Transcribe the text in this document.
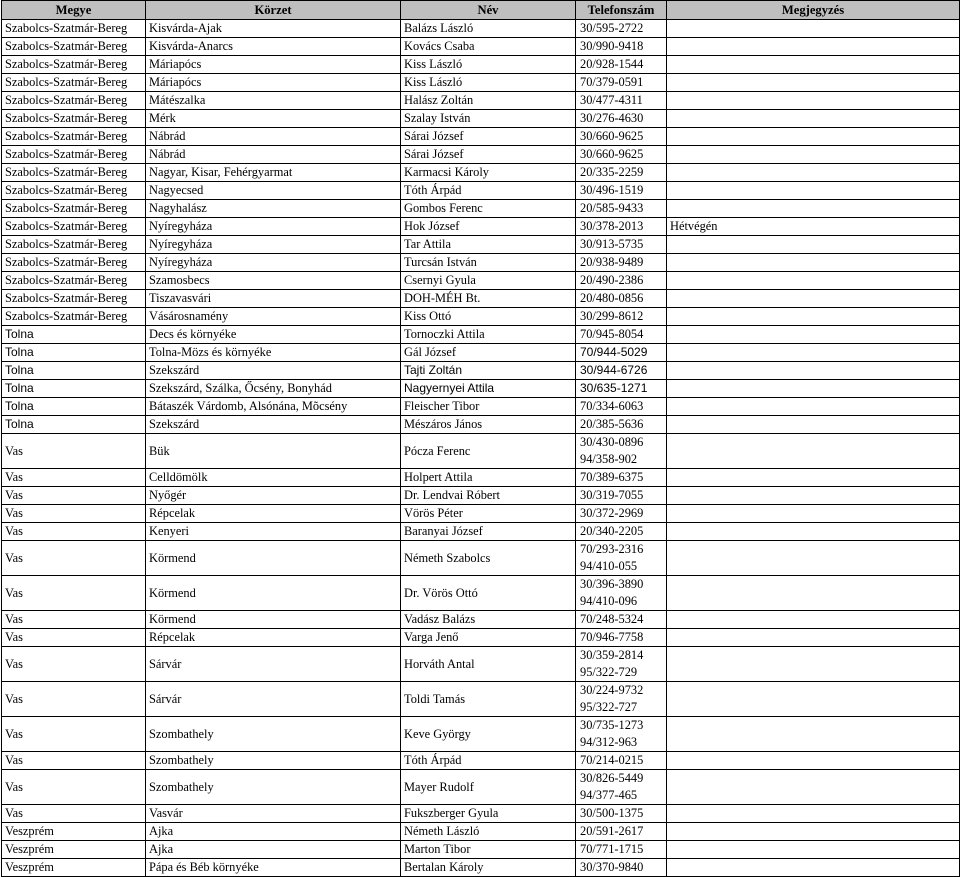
Megye	Körzet	Név	Telefonszám	Megjegyzés
Szabolcs-Szatmár-Bereg	Kisvárda-Ajak	Balázs László	30/595-2722	

Szabolcs-Szatmár-Bereg	Kisvárda-Anarcs	Kovács Csaba	30/990-9418	

Szabolcs-Szatmár-Bereg	Máriapócs	Kiss László	20/928-1544	

Szabolcs-Szatmár-Bereg	Máriapócs	Kiss László	70/379-0591	

Szabolcs-Szatmár-Bereg	Mátészalka	Halász Zoltán	30/477-4311	

Szabolcs-Szatmár-Bereg	Mérk	Szalay István	30/276-4630	

Szabolcs-Szatmár-Bereg	Nábrád	Sárai József	30/660-9625	

Szabolcs-Szatmár-Bereg	Nábrád	Sárai József	30/660-9625	

Szabolcs-Szatmár-Bereg	Nagyar, Kisar, Fehérgyarmat	Karmacsi Károly	20/335-2259	

Szabolcs-Szatmár-Bereg	Nagyecsed	Tóth Árpád	30/496-1519	

Szabolcs-Szatmár-Bereg	Nagyhalász	Gombos Ferenc	20/585-9433	

Szabolcs-Szatmár-Bereg	Nyíregyháza	Hok József	30/378-2013	Hétvégén
Szabolcs-Szatmár-Bereg	Nyíregyháza	Tar Attila	30/913-5735	

Szabolcs-Szatmár-Bereg	Nyíregyháza	Turcsán István	20/938-9489	

Szabolcs-Szatmár-Bereg	Szamosbecs	Csernyi Gyula	20/490-2386	

Szabolcs-Szatmár-Bereg	Tiszavasvári	DOH-MÉH Bt.	20/480-0856	

Szabolcs-Szatmár-Bereg	Vásárosnamény	Kiss Ottó	30/299-8612	

Tolna	Decs és környéke	Tornoczki Attila	70/945-8054	

Tolna	Tolna-Mözs és környéke	Gál József	70/944-5029	

Tolna	Szekszárd	Tajti Zoltán	30/944-6726	

Tolna	Szekszárd, Szálka, Őcsény, Bonyhád	Nagyernyei Attila	30/635-1271	

Tolna	Bátaszék Várdomb, Alsónána, Mõcsény	Fleischer Tibor	70/334-6063	

Tolna	Szekszárd	Mészáros János	20/385-5636	

Vas	Bük	Pócza Ferenc	30/430-0896
94/358-902	

Vas	Celldömölk	Holpert Attila	70/389-6375	

Vas	Nyőgér	Dr. Lendvai Róbert	30/319-7055	

Vas	Répcelak	Vörös Péter	30/372-2969	

Vas	Kenyeri	Baranyai József	20/340-2205	

Vas	Körmend	Németh Szabolcs	70/293-2316
94/410-055	

Vas	Körmend	Dr. Vörös Ottó	30/396-3890
94/410-096	

Vas	Körmend	Vadász Balázs	70/248-5324	

Vas	Répcelak	Varga Jenő	70/946-7758	

Vas	Sárvár	Horváth Antal	30/359-2814
95/322-729	

Vas	Sárvár	Toldi Tamás	30/224-9732
95/322-727	

Vas	Szombathely	Keve György	30/735-1273
94/312-963	

Vas	Szombathely	Tóth Árpád	70/214-0215	

Vas	Szombathely	Mayer Rudolf	30/826-5449
94/377-465	

Vas	Vasvár	Fukszberger Gyula	30/500-1375	

Veszprém	Ajka	Németh László	20/591-2617	

Veszprém	Ajka	Marton Tibor	70/771-1715	

Veszprém	Pápa és Béb környéke	Bertalan Károly	30/370-9840	
